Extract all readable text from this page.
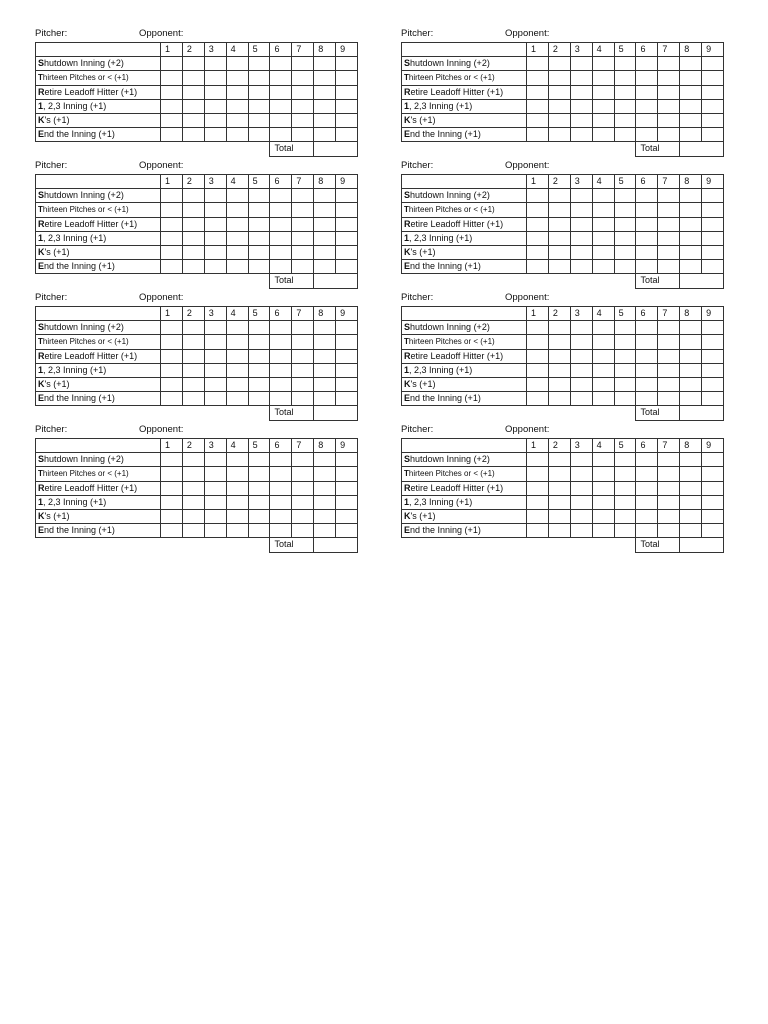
Pitcher:	Opponent:
	1	2	3	4	5	6	7	8	9
Shutdown Inning (+2)									
Thirteen Pitches or < (+1)									
Retire Leadoff Hitter (+1)									
1, 2,3 Inning (+1)									
K's (+1)									
End the Inning (+1)									
						Total			
Pitcher:	Opponent:
	1	2	3	4	5	6	7	8	9
Shutdown Inning (+2)									
Thirteen Pitches or < (+1)									
Retire Leadoff Hitter (+1)									
1, 2,3 Inning (+1)									
K's (+1)									
End the Inning (+1)									
						Total			
Pitcher:	Opponent:
	1	2	3	4	5	6	7	8	9
Shutdown Inning (+2)									
Thirteen Pitches or < (+1)									
Retire Leadoff Hitter (+1)									
1, 2,3 Inning (+1)									
K's (+1)									
End the Inning (+1)									
						Total			
Pitcher:	Opponent:
	1	2	3	4	5	6	7	8	9
Shutdown Inning (+2)									
Thirteen Pitches or < (+1)									
Retire Leadoff Hitter (+1)									
1, 2,3 Inning (+1)									
K's (+1)									
End the Inning (+1)									
						Total			
Pitcher:	Opponent:
	1	2	3	4	5	6	7	8	9
Shutdown Inning (+2)									
Thirteen Pitches or < (+1)									
Retire Leadoff Hitter (+1)									
1, 2,3 Inning (+1)									
K's (+1)									
End the Inning (+1)									
						Total			
Pitcher:	Opponent:
	1	2	3	4	5	6	7	8	9
Shutdown Inning (+2)									
Thirteen Pitches or < (+1)									
Retire Leadoff Hitter (+1)									
1, 2,3 Inning (+1)									
K's (+1)									
End the Inning (+1)									
						Total			
Pitcher:	Opponent:
	1	2	3	4	5	6	7	8	9
Shutdown Inning (+2)									
Thirteen Pitches or < (+1)									
Retire Leadoff Hitter (+1)									
1, 2,3 Inning (+1)									
K's (+1)									
End the Inning (+1)									
						Total			
Pitcher:	Opponent:
	1	2	3	4	5	6	7	8	9
Shutdown Inning (+2)									
Thirteen Pitches or < (+1)									
Retire Leadoff Hitter (+1)									
1, 2,3 Inning (+1)									
K's (+1)									
End the Inning (+1)									
						Total			
